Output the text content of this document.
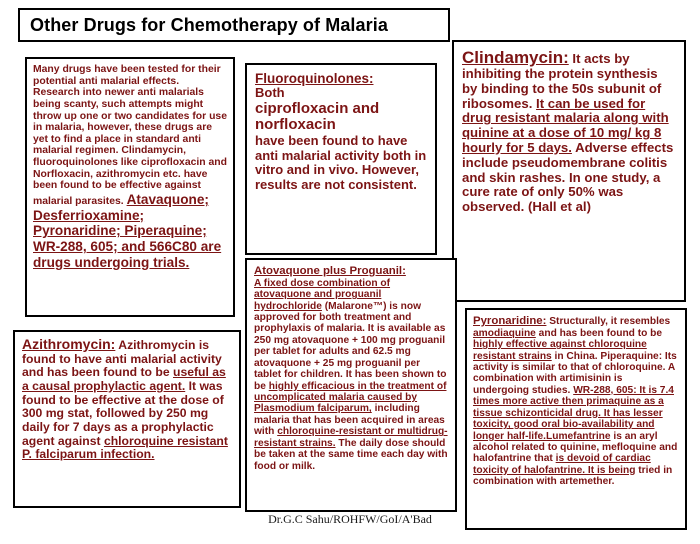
Other Drugs for Chemotherapy of Malaria

Many drugs have been tested for their potential anti malarial effects. Research into newer anti malarials being scanty, such attempts might throw up one or two candidates for use in malaria, however, these drugs are yet to find a place in standard anti malarial regimen. Clindamycin, fluoroquinolones like ciprofloxacin and Norfloxacin, azithromycin etc. have been found to be effective against malarial parasites. Atavaquone; Desferrioxamine; Pyronaridine; Piperaquine; WR-288, 605; and 566C80 are drugs undergoing trials.

Fluoroquinolones:

Both

ciprofloxacin and norfloxacin

have been found to have anti malarial activity both in vitro and in vivo. However, results are not consistent.

Clindamycin: It acts by inhibiting the protein synthesis by binding to the 50s subunit of ribosomes. It can be used for drug resistant malaria along with quinine at a dose of 10 mg/ kg 8 hourly for 5 days. Adverse effects include pseudomembrane colitis and skin rashes. In one study, a cure rate of only 50% was observed. (Hall et al)

Azithromycin: Azithromycin is found to have anti malarial activity and has been found to be useful as a causal prophylactic agent. It was found to be effective at the dose of 300 mg stat, followed by 250 mg daily for 7 days as a prophylactic agent against chloroquine resistant P. falciparum infection.

Atovaquone plus Proguanil:

A fixed dose combination of atovaquone and proguanil hydrochloride (Malarone™) is now approved for both treatment and prophylaxis of malaria. It is available as 250 mg atovaquone + 100 mg proguanil per tablet for adults and 62.5 mg atovaquone + 25 mg proguanil per tablet for children. It has been shown to be highly efficacious in the treatment of uncomplicated malaria caused by Plasmodium falciparum, including malaria that has been acquired in areas with chloroquine-resistant or multidrug-resistant strains. The daily dose should be taken at the same time each day with food or milk.

Pyronaridine: Structurally, it resembles amodiaquine and has been found to be highly effective against chloroquine resistant strains in China. Piperaquine: Its activity is similar to that of chloroquine. A combination with artimisinin is undergoing studies. WR-288, 605: It is 7.4 times more active then primaquine as a tissue schizonticidal drug. It has lesser toxicity, good oral bio-availability and longer half-life.Lumefantrine is an aryl alcohol related to quinine, mefloquine and halofantrine that is devoid of cardiac toxicity of halofantrine. It is being tried in combination with artemether.

Dr.G.C Sahu/ROHFW/GoI/A'Bad
